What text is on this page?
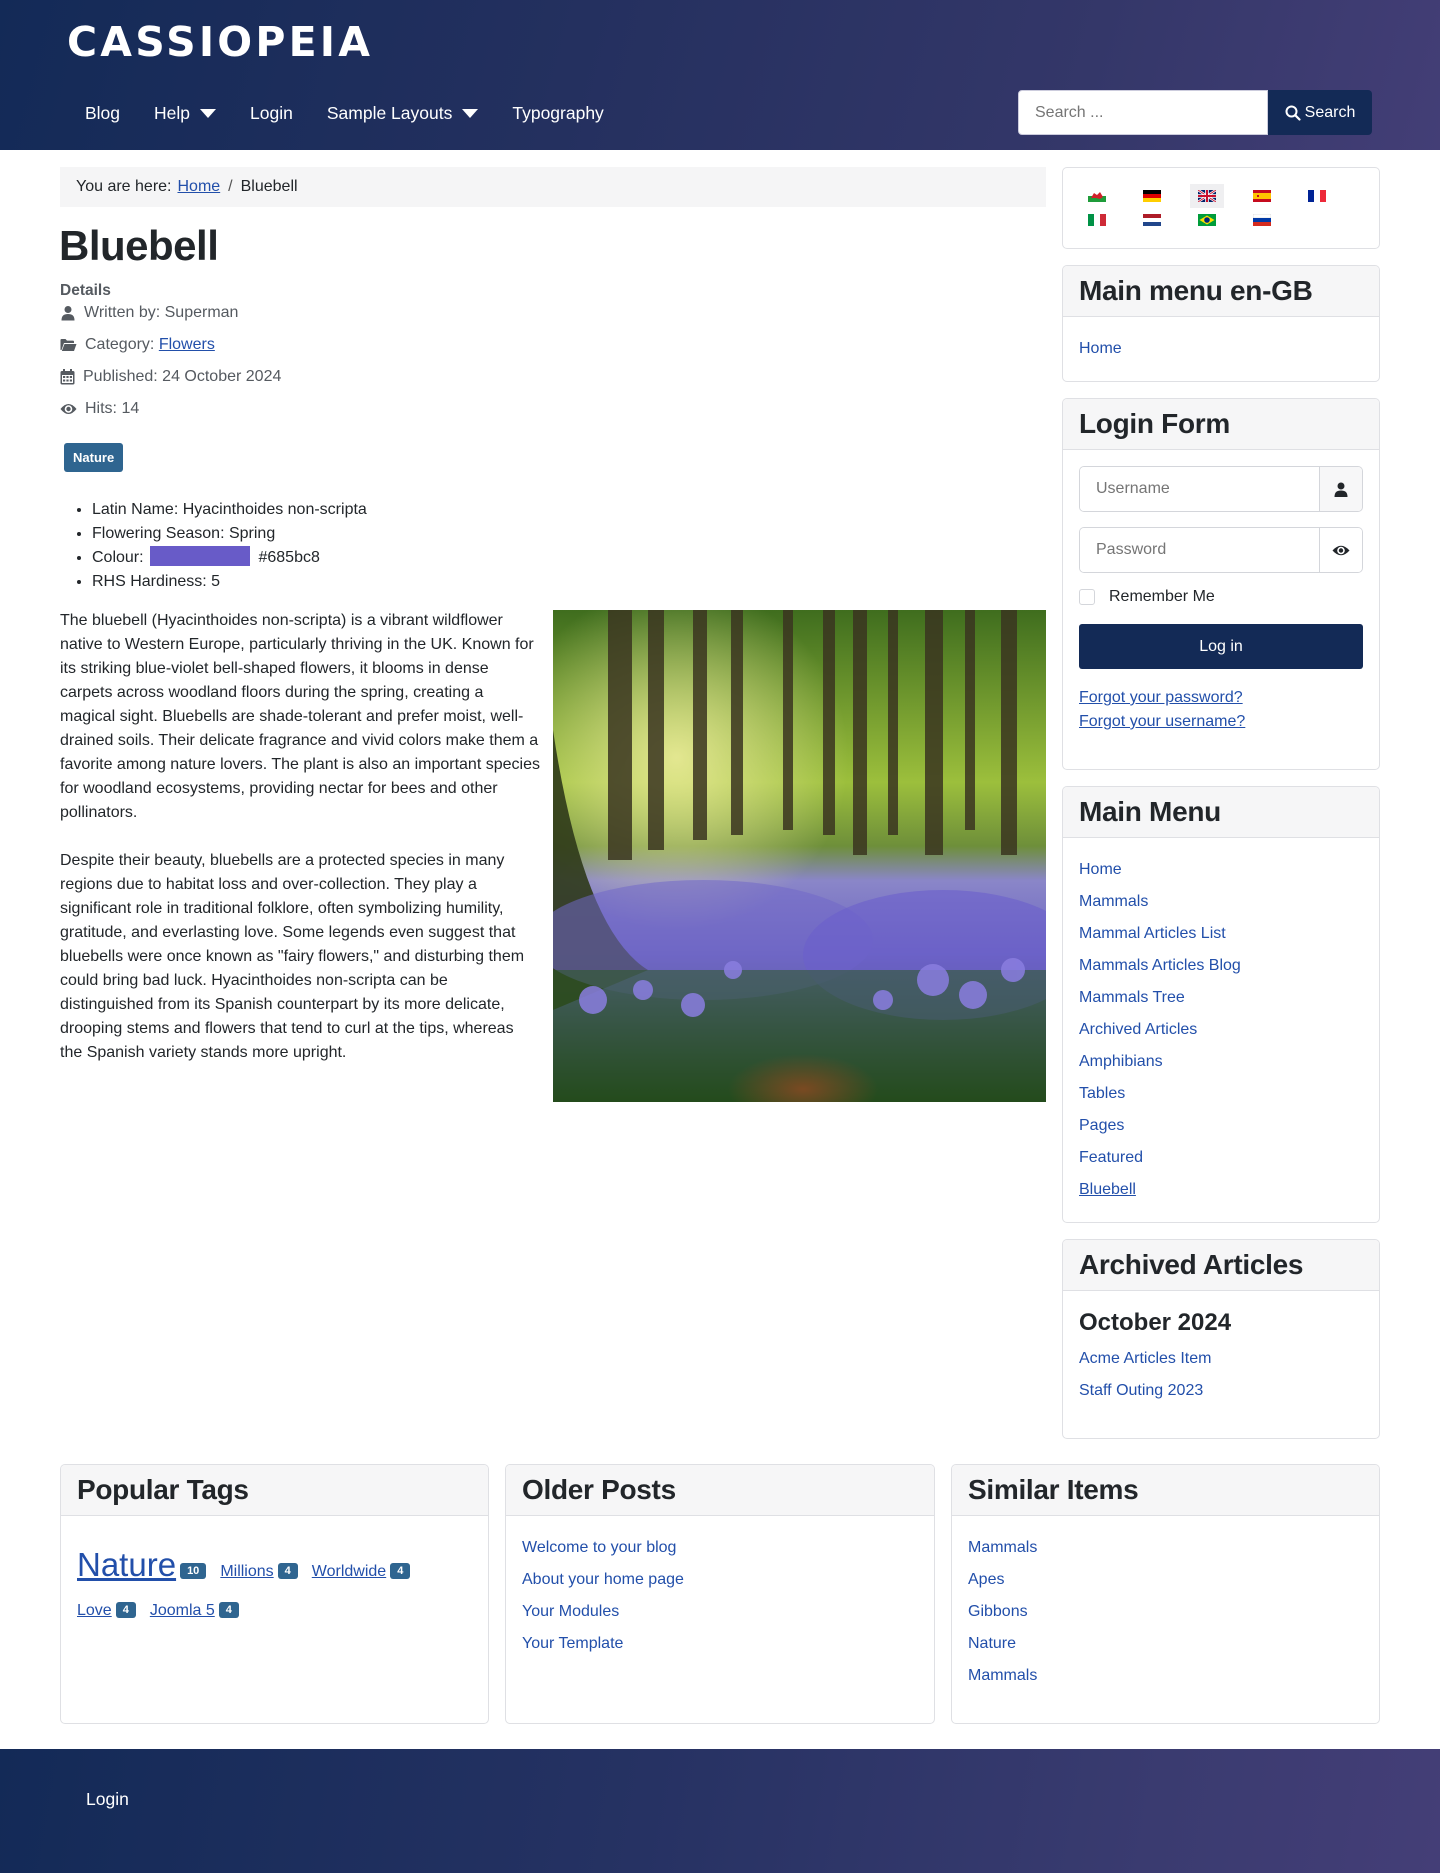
CASSIOPEIA
Blog Help	Login Sample Layouts	Typography
Search ...	Search
You are here: Home / Bluebell
Bluebell
Details
Written by: Superman
Category:
Flowers
Published: 24 October 2024
Hits: 14
Nature
• Latin Name: Hyacinthoides non-scripta
• Flowering Season: Spring
• Colour:	#685bc8
• RHS Hardiness: 5

The bluebell (Hyacinthoides non-scripta) is a vibrant wildflower native to Western Europe, particularly thriving in the UK. Known for its striking blue-violet bell-shaped flowers, it blooms in dense carpets across woodland floors during the spring, creating a magical sight. Bluebells are shade-tolerant and prefer moist, well-drained soils. Their delicate fragrance and vivid colors make them a favorite among nature lovers. The plant is also an important species for woodland ecosystems, providing nectar for bees and other pollinators.

Despite their beauty, bluebells are a protected species in many regions due to habitat loss and over-collection. They play a significant role in traditional folklore, often symbolizing humility, gratitude, and everlasting love. Some legends even suggest that bluebells were once known as "fairy flowers," and disturbing them could bring bad luck. Hyacinthoides non-scripta can be distinguished from its Spanish counterpart by its more delicate, drooping stems and flowers that tend to curl at the tips, whereas the Spanish variety stands more upright.

Main menu en-GB
Home
Login Form
Username
Remember Me
Log in
Forgot your password?
Forgot your username?
Main Menu
Home
Mammals
Mammal Articles List
Mammals Articles Blog
Mammals Tree
Archived Articles
Amphibians
Tables
Pages
Featured
Bluebell
Archived Articles
October 2024
Acme Articles Item
Staff Outing 2023
Popular Tags
Nature	10	Millions	4	Worldwide	4
Love	4	Joomla 5	4
Older Posts
Welcome to your blog
About your home page
Your Modules
Your Template
Similar Items
Mammals
Apes
Gibbons
Nature
Mammals
Login
